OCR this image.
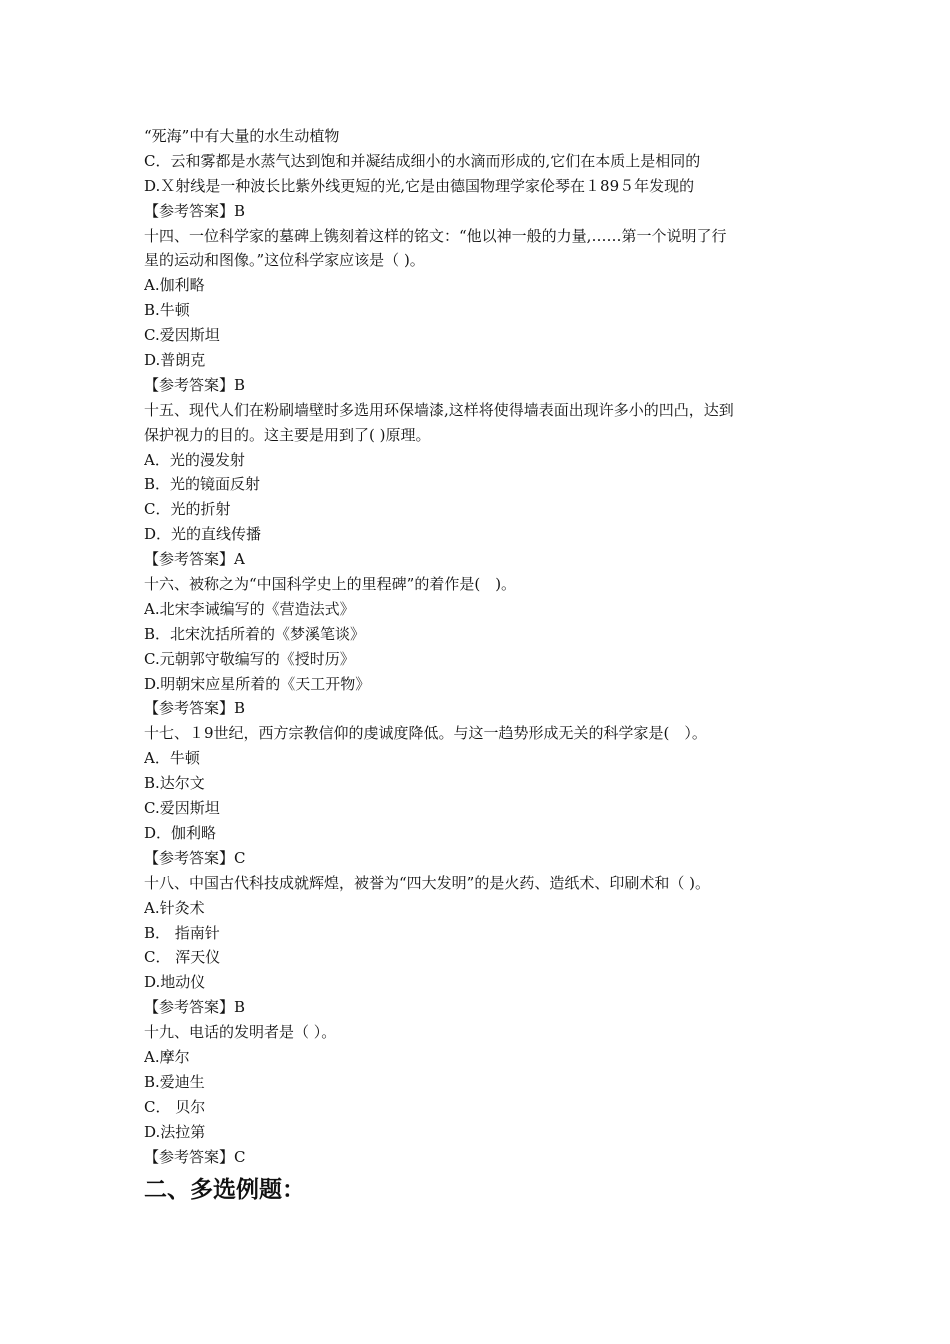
“死海”中有大量的水生动植物
C．云和雾都是水蒸气达到饱和并凝结成细小的水滴而形成的,它们在本质上是相同的
D.Ｘ射线是一种波长比紫外线更短的光,它是由德国物理学家伦琴在１89５年发现的
【参考答案】B
十四、一位科学家的墓碑上镌刻着这样的铭文：“他以神一般的力量,……第一个说明了行
星的运动和图像。”这位科学家应该是（ )。
A.伽利略
B.牛顿
C.爱因斯坦
D.普朗克
【参考答案】B
十五、现代人们在粉刷墙壁时多选用环保墙漆,这样将使得墙表面出现许多小的凹凸，达到
保护视力的目的。这主要是用到了( )原理。
A．光的漫发射
B．光的镜面反射
C．光的折射
D．光的直线传播
【参考答案】A
十六、被称之为“中国科学史上的里程碑”的着作是(　)。
A.北宋李诫编写的《营造法式》
B．北宋沈括所着的《梦溪笔谈》
C.元朝郭守敬编写的《授时历》
D.明朝宋应星所着的《天工开物》
【参考答案】B
十七、１9世纪，西方宗教信仰的虔诚度降低。与这一趋势形成无关的科学家是(　）。
A．牛顿
B.达尔文
C.爱因斯坦
D．伽利略
【参考答案】C
十八、中国古代科技成就辉煌，被誉为“四大发明”的是火药、造纸术、印刷术和（ )。
A.针灸术
B． 指南针
C． 浑天仪
D.地动仪
【参考答案】B
十九、电话的发明者是（ ）。
A.摩尔
B.爱迪生
C． 贝尔
D.法拉第
【参考答案】C
二、多选例题：
